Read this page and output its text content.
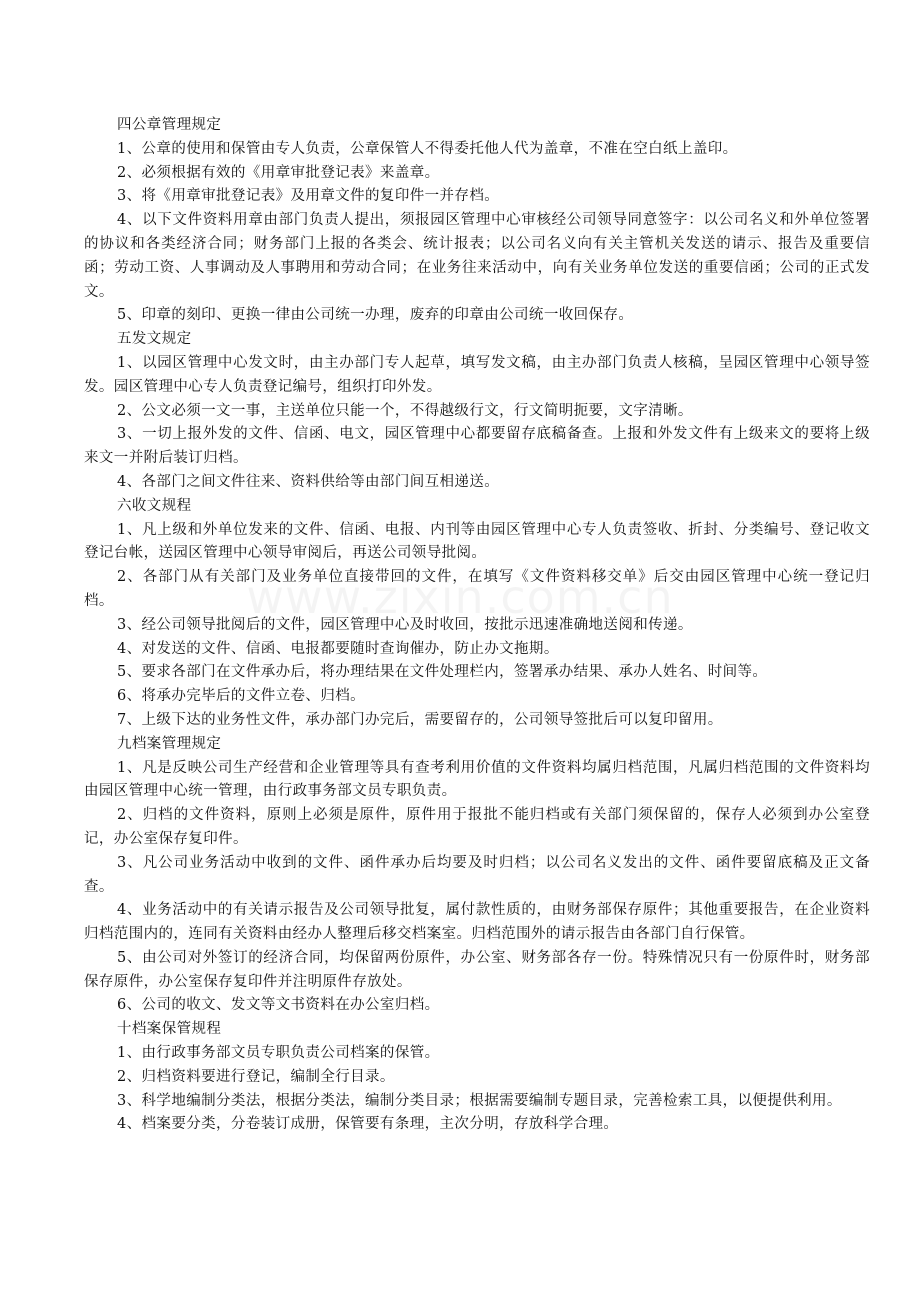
四公章管理规定

1、公章的使用和保管由专人负责，公章保管人不得委托他人代为盖章，不准在空白纸上盖印。

2、必须根据有效的《用章审批登记表》来盖章。

3、将《用章审批登记表》及用章文件的复印件一并存档。

4、以下文件资料用章由部门负责人提出，须报园区管理中心审核经公司领导同意签字：以公司名义和外单位签署的协议和各类经济合同；财务部门上报的各类会、统计报表；以公司名义向有关主管机关发送的请示、报告及重要信函；劳动工资、人事调动及人事聘用和劳动合同；在业务往来活动中，向有关业务单位发送的重要信函；公司的正式发文。

5、印章的刻印、更换一律由公司统一办理，废弃的印章由公司统一收回保存。

五发文规定

1、以园区管理中心发文时，由主办部门专人起草，填写发文稿，由主办部门负责人核稿，呈园区管理中心领导签发。园区管理中心专人负责登记编号，组织打印外发。

2、公文必须一文一事，主送单位只能一个，不得越级行文，行文简明扼要，文字清晰。

3、一切上报外发的文件、信函、电文，园区管理中心都要留存底稿备查。上报和外发文件有上级来文的要将上级来文一并附后装订归档。

4、各部门之间文件往来、资料供给等由部门间互相递送。

六收文规程

1、凡上级和外单位发来的文件、信函、电报、内刊等由园区管理中心专人负责签收、折封、分类编号、登记收文登记台帐，送园区管理中心领导审阅后，再送公司领导批阅。

2、各部门从有关部门及业务单位直接带回的文件，在填写《文件资料移交单》后交由园区管理中心统一登记归档。

3、经公司领导批阅后的文件，园区管理中心及时收回，按批示迅速准确地送阅和传递。

4、对发送的文件、信函、电报都要随时查询催办，防止办文拖期。

5、要求各部门在文件承办后，将办理结果在文件处理栏内，签署承办结果、承办人姓名、时间等。

6、将承办完毕后的文件立卷、归档。

7、上级下达的业务性文件，承办部门办完后，需要留存的，公司领导签批后可以复印留用。

九档案管理规定

1、凡是反映公司生产经营和企业管理等具有查考利用价值的文件资料均属归档范围，凡属归档范围的文件资料均由园区管理中心统一管理，由行政事务部文员专职负责。

2、归档的文件资料，原则上必须是原件，原件用于报批不能归档或有关部门须保留的，保存人必须到办公室登记，办公室保存复印件。

3、凡公司业务活动中收到的文件、函件承办后均要及时归档；以公司名义发出的文件、函件要留底稿及正文备查。

4、业务活动中的有关请示报告及公司领导批复，属付款性质的，由财务部保存原件；其他重要报告，在企业资料归档范围内的，连同有关资料由经办人整理后移交档案室。归档范围外的请示报告由各部门自行保管。

5、由公司对外签订的经济合同，均保留两份原件，办公室、财务部各存一份。特殊情况只有一份原件时，财务部保存原件，办公室保存复印件并注明原件存放处。

6、公司的收文、发文等文书资料在办公室归档。

十档案保管规程

1、由行政事务部文员专职负责公司档案的保管。

2、归档资料要进行登记，编制全行目录。

3、科学地编制分类法，根据分类法，编制分类目录；根据需要编制专题目录，完善检索工具，以便提供利用。

4、档案要分类，分卷装订成册，保管要有条理，主次分明，存放科学合理。
